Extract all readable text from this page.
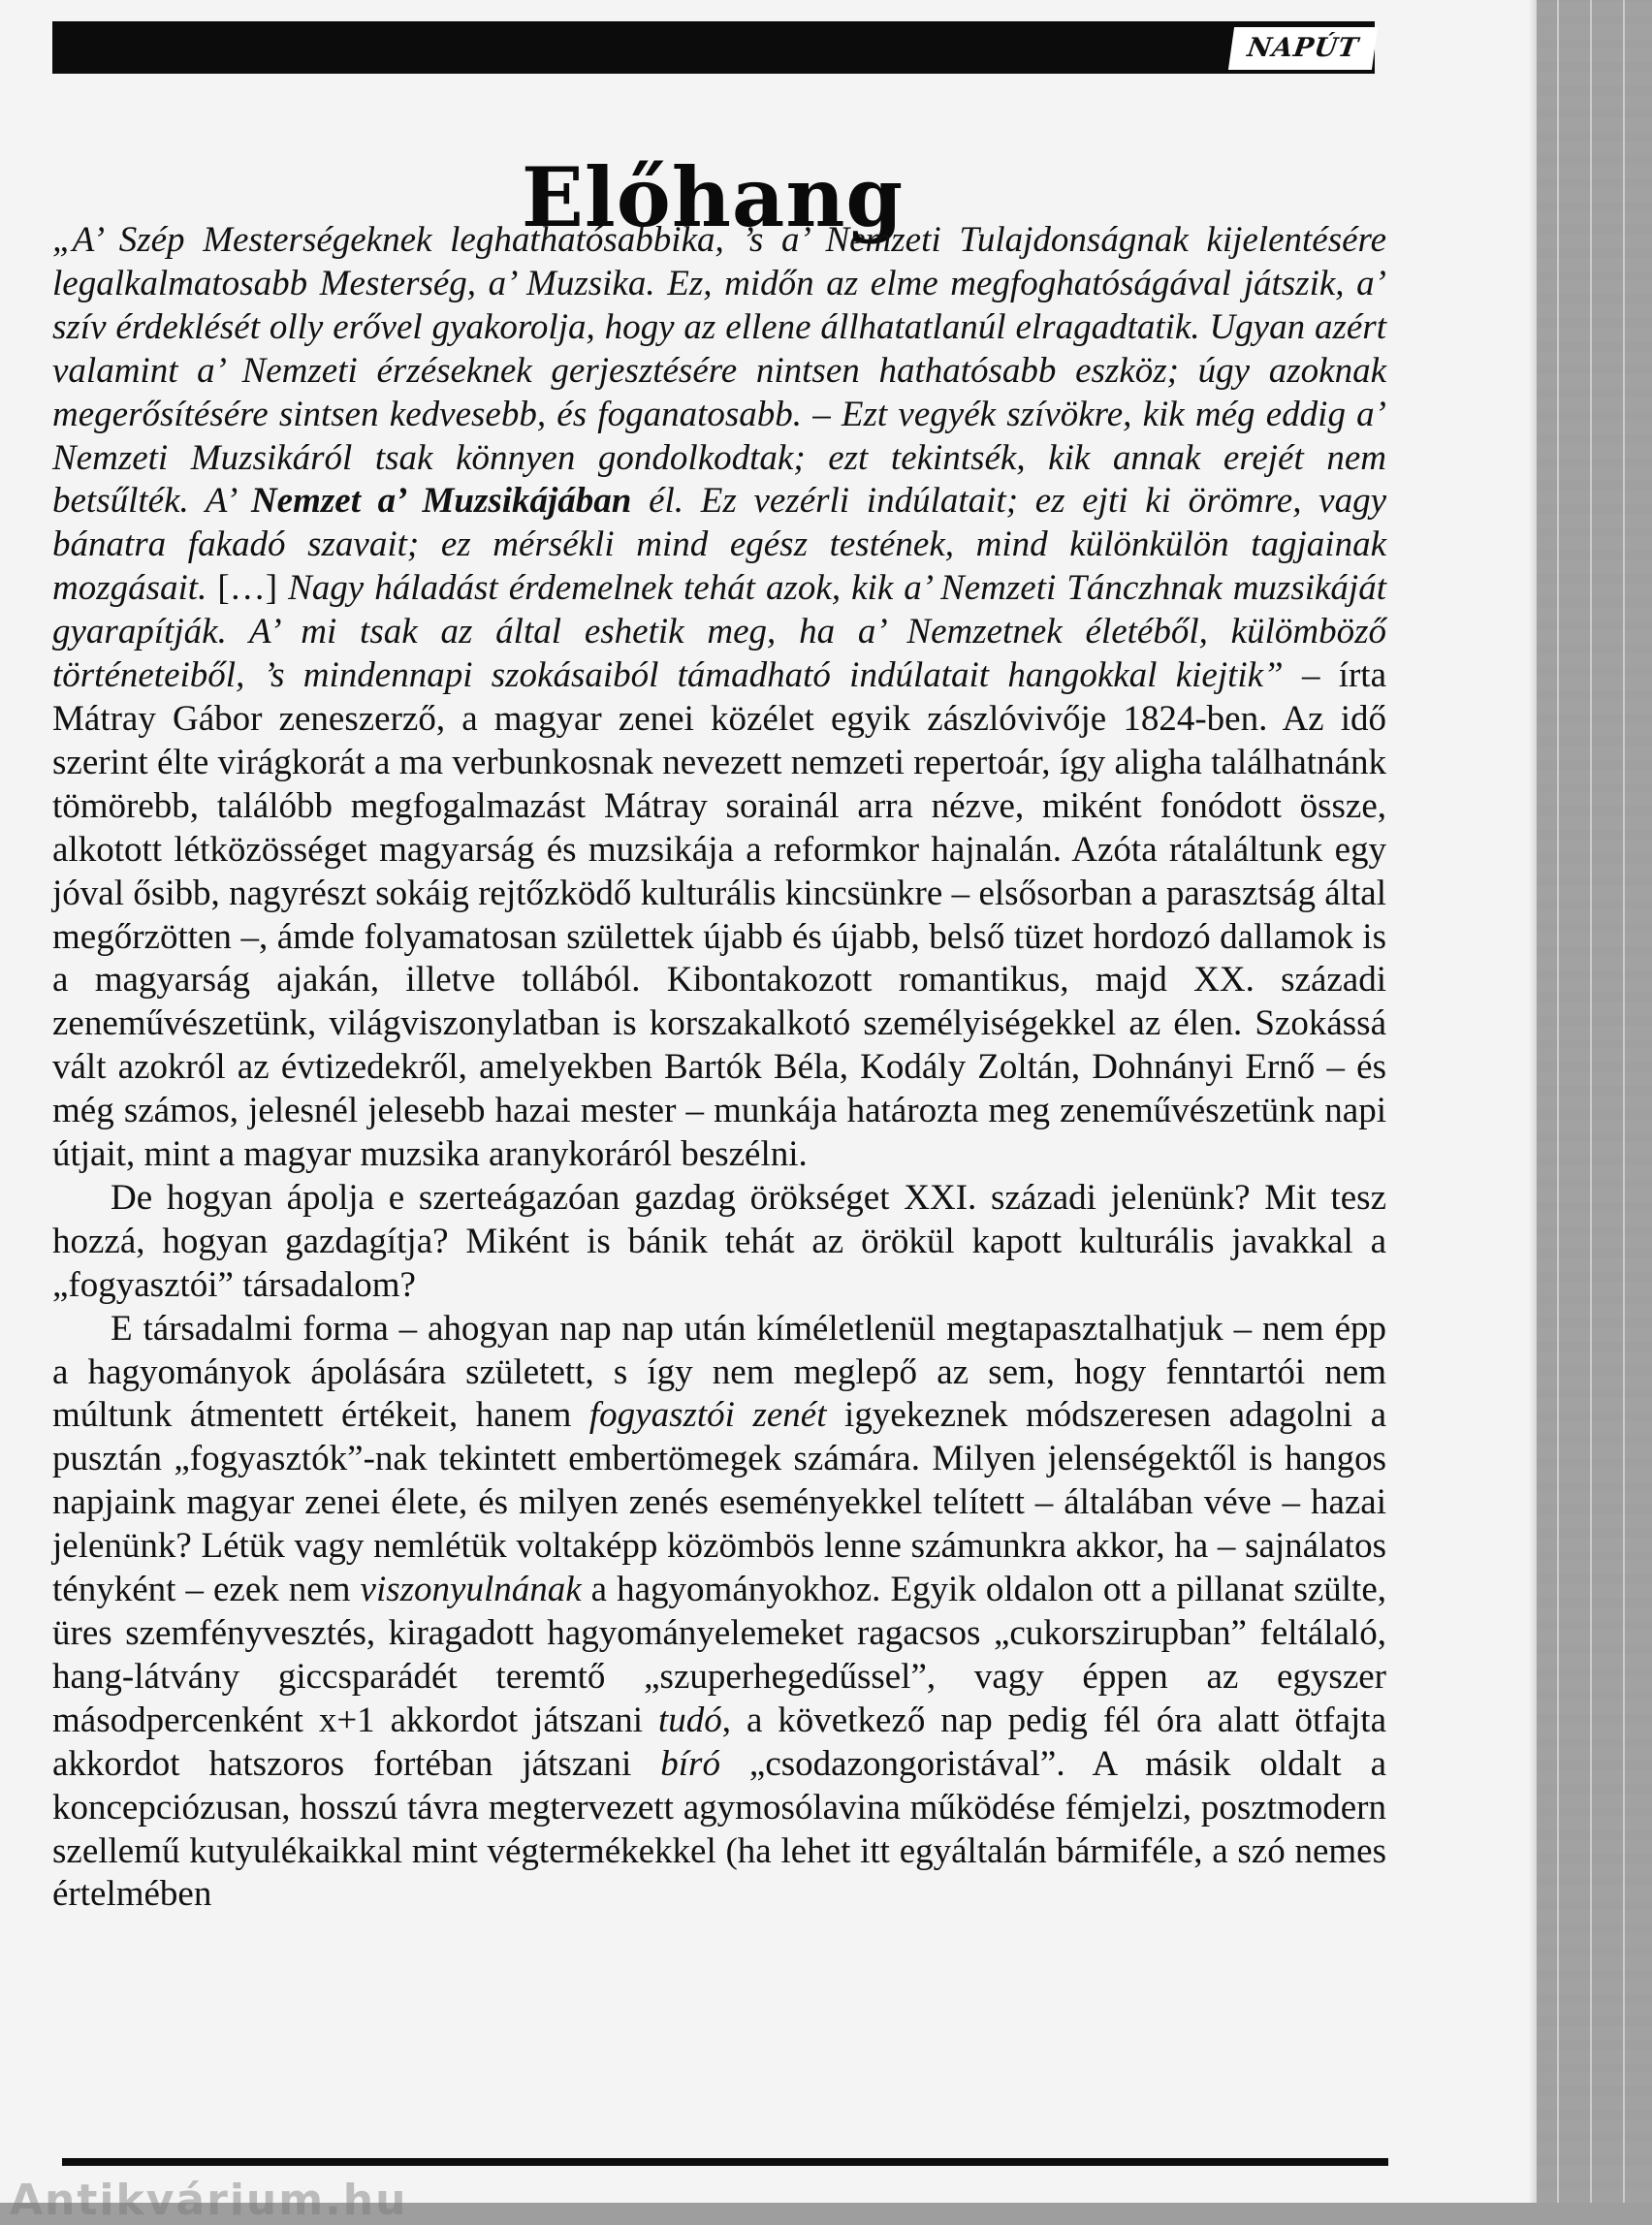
NAPÚT
Előhang

„A’ Szép Mesterségeknek leghathatósabbika, ’s a’ Nemzeti Tulajdonságnak kijelentésére legalkalmatosabb Mesterség, a’ Muzsika. Ez, midőn az elme megfoghatóságával játszik, a’ szív érdeklését olly erővel gyakorolja, hogy az ellene állhatatlanúl elragadtatik. Ugyan azért valamint a’ Nemzeti érzéseknek gerjesztésére nintsen hathatósabb eszköz; úgy azoknak megerősítésére sintsen kedvesebb, és foganatosabb. – Ezt vegyék szívökre, kik még eddig a’ Nemzeti Muzsikáról tsak könnyen gondolkodtak; ezt tekintsék, kik annak erejét nem betsűlték. A’ Nemzet a’ Muzsikájában él. Ez vezérli indúlatait; ez ejti ki örömre, vagy bánatra fakadó szavait; ez mérsékli mind egész testének, mind különkülön tagjainak mozgásait. […] Nagy háladást érdemelnek tehát azok, kik a’ Nemzeti Tánczhnak muzsikáját gyarapítják. A’ mi tsak az által eshetik meg, ha a’ Nemzetnek életéből, külömböző történeteiből, ’s mindennapi szokásaiból támadható indúlatait hangokkal kiejtik” – írta Mátray Gábor zeneszerző, a magyar zenei közélet egyik zászlóvivője 1824-ben. Az idő szerint élte virágkorát a ma verbunkosnak nevezett nemzeti repertoár, így aligha találhatnánk tömörebb, találóbb megfogalmazást Mátray sorainál arra nézve, miként fonódott össze, alkotott létközösséget magyarság és muzsikája a reformkor hajnalán. Azóta rátaláltunk egy jóval ősibb, nagyrészt sokáig rejtőzködő kulturális kincsünkre – elsősorban a parasztság által megőrzötten –, ámde folyamatosan születtek újabb és újabb, belső tüzet hordozó dallamok is a magyarság ajakán, illetve tollából. Kibontakozott romantikus, majd XX. századi zeneművészetünk, világviszonylatban is korszakalkotó személyiségekkel az élen. Szokássá vált azokról az évtizedekről, amelyekben Bartók Béla, Kodály Zoltán, Dohnányi Ernő – és még számos, jelesnél jelesebb hazai mester – munkája határozta meg zeneművészetünk napi útjait, mint a magyar muzsika aranykoráról beszélni.

De hogyan ápolja e szerteágazóan gazdag örökséget XXI. századi jelenünk? Mit tesz hozzá, hogyan gazdagítja? Miként is bánik tehát az örökül kapott kulturális javakkal a „fogyasztói” társadalom?

E társadalmi forma – ahogyan nap nap után kíméletlenül megtapasztalhatjuk – nem épp a hagyományok ápolására született, s így nem meglepő az sem, hogy fenntartói nem múltunk átmentett értékeit, hanem fogyasztói zenét igyekeznek módszeresen adagolni a pusztán „fogyasztók”-nak tekintett embertömegek számára. Milyen jelenségektől is hangos napjaink magyar zenei élete, és milyen zenés eseményekkel telített – általában véve – hazai jelenünk? Létük vagy nemlétük voltaképp közömbös lenne számunkra akkor, ha – sajnálatos tényként – ezek nem viszonyulnának a hagyományokhoz. Egyik oldalon ott a pillanat szülte, üres szemfényvesztés, kiragadott hagyományelemeket ragacsos „cukorszirupban” feltálaló, hang-látvány giccsparádét teremtő „szuperhegedűssel”, vagy éppen az egyszer másodpercenként x+1 akkordot játszani tudó, a következő nap pedig fél óra alatt ötfajta akkordot hatszoros fortéban játszani bíró „csodazongoristával”. A másik oldalt a koncepciózusan, hosszú távra megtervezett agymosólavina működése fémjelzi, posztmodern szellemű kutyulékaikkal mint végtermékekkel (ha lehet itt egyáltalán bármiféle, a szó nemes értelmében

Antikvárium.hu
